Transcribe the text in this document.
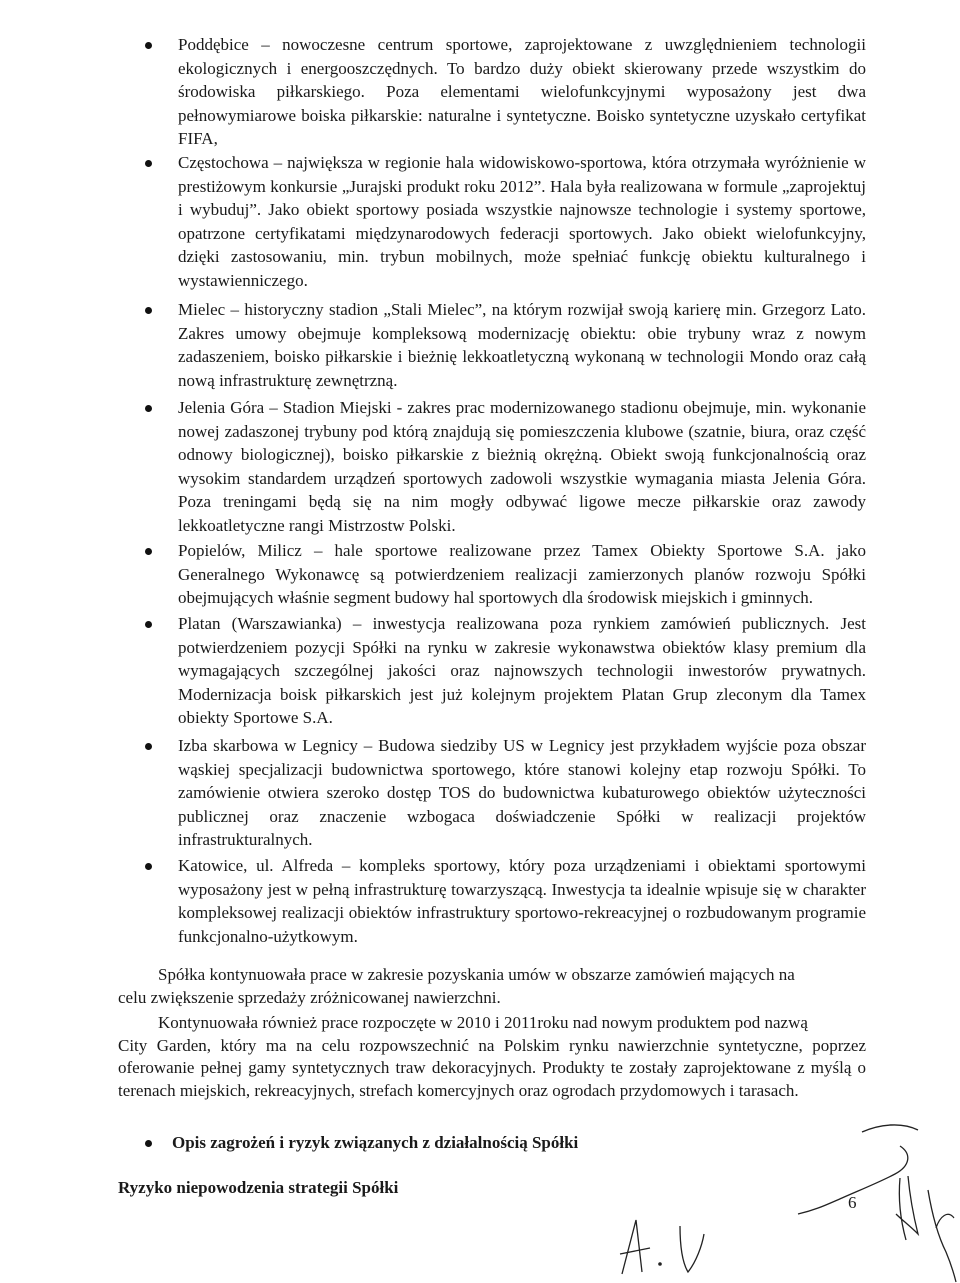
Poddębice – nowoczesne centrum sportowe, zaprojektowane z uwzględnieniem technologii ekologicznych i energooszczędnych. To bardzo duży obiekt skierowany przede wszystkim do środowiska piłkarskiego. Poza elementami wielofunkcyjnymi wyposażony jest dwa pełnowymiarowe boiska piłkarskie: naturalne i syntetyczne. Boisko syntetyczne uzyskało certyfikat FIFA,
Częstochowa – największa w regionie hala widowiskowo-sportowa, która otrzymała wyróżnienie w prestiżowym konkursie „Jurajski produkt roku 2012”. Hala była realizowana w formule „zaprojektuj i wybuduj”. Jako obiekt sportowy posiada wszystkie najnowsze technologie i systemy sportowe, opatrzone certyfikatami międzynarodowych federacji sportowych. Jako obiekt wielofunkcyjny, dzięki zastosowaniu, min. trybun mobilnych, może spełniać funkcję obiektu kulturalnego i wystawienniczego.
Mielec – historyczny stadion „Stali Mielec”, na którym rozwijał swoją karierę min. Grzegorz Lato. Zakres umowy obejmuje kompleksową modernizację obiektu: obie trybuny wraz z nowym zadaszeniem, boisko piłkarskie i bieżnię lekkoatletyczną wykonaną w technologii Mondo oraz całą nową infrastrukturę zewnętrzną.
Jelenia Góra – Stadion Miejski - zakres prac modernizowanego stadionu obejmuje, min. wykonanie nowej zadaszonej trybuny pod którą znajdują się pomieszczenia klubowe (szatnie, biura, oraz część odnowy biologicznej), boisko piłkarskie z bieżnią okrężną. Obiekt swoją funkcjonalnością oraz wysokim standardem urządzeń sportowych zadowoli wszystkie wymagania miasta Jelenia Góra. Poza treningami będą się na nim mogły odbywać ligowe mecze piłkarskie oraz zawody lekkoatletyczne rangi Mistrzostw Polski.
Popielów, Milicz – hale sportowe realizowane przez Tamex Obiekty Sportowe S.A. jako Generalnego Wykonawcę są potwierdzeniem realizacji zamierzonych planów rozwoju Spółki obejmujących właśnie segment budowy hal sportowych dla środowisk miejskich i gminnych.
Platan (Warszawianka) – inwestycja realizowana poza rynkiem zamówień publicznych. Jest potwierdzeniem pozycji Spółki na rynku w zakresie wykonawstwa obiektów klasy premium dla wymagających szczególnej jakości oraz najnowszych technologii inwestorów prywatnych. Modernizacja boisk piłkarskich jest już kolejnym projektem Platan Grup zleconym dla Tamex obiekty Sportowe S.A.
Izba skarbowa w Legnicy – Budowa siedziby US w Legnicy jest przykładem wyjście poza obszar wąskiej specjalizacji budownictwa sportowego, które stanowi kolejny etap rozwoju Spółki. To zamówienie otwiera szeroko dostęp TOS do budownictwa kubaturowego obiektów użyteczności publicznej oraz znaczenie wzbogaca doświadczenie Spółki w realizacji projektów infrastrukturalnych.
Katowice, ul. Alfreda – kompleks sportowy, który poza urządzeniami i obiektami sportowymi wyposażony jest w pełną infrastrukturę towarzyszącą. Inwestycja ta idealnie wpisuje się w charakter kompleksowej realizacji obiektów infrastruktury sportowo-rekreacyjnej o rozbudowanym programie funkcjonalno-użytkowym.

Spółka kontynuowała prace w zakresie pozyskania umów w obszarze zamówień mających na
celu zwiększenie sprzedaży zróżnicowanej nawierzchni.

Kontynuowała również prace rozpoczęte w 2010 i 2011roku nad nowym produktem pod nazwą
City Garden, który ma na celu rozpowszechnić na Polskim rynku nawierzchnie syntetyczne, poprzez oferowanie pełnej gamy syntetycznych traw dekoracyjnych. Produkty te zostały zaprojektowane z myślą o terenach miejskich, rekreacyjnych, strefach komercyjnych oraz ogrodach przydomowych i tarasach.

Opis zagrożeń i ryzyk związanych z działalnością Spółki
Ryzyko niepowodzenia strategii Spółki
6
